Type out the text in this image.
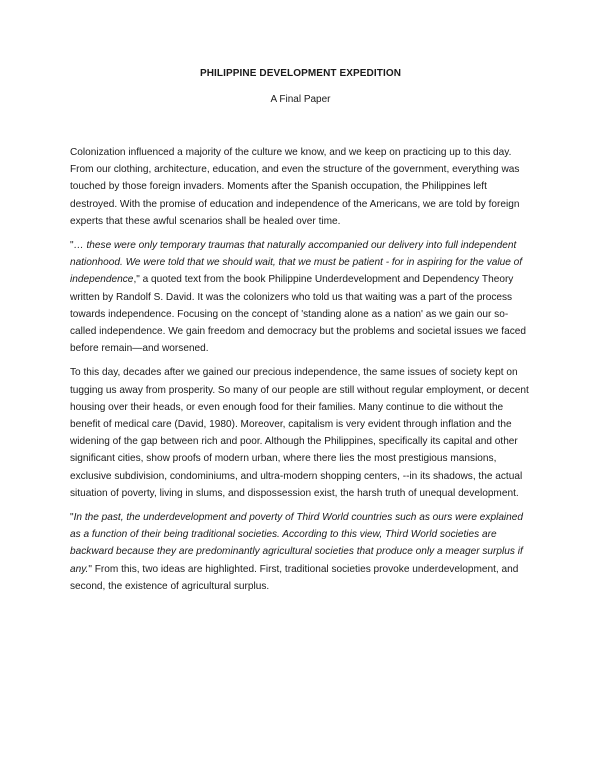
PHILIPPINE DEVELOPMENT EXPEDITION
A Final Paper

Colonization influenced a majority of the culture we know, and we keep on practicing up to this day. From our clothing, architecture, education, and even the structure of the government, everything was touched by those foreign invaders. Moments after the Spanish occupation, the Philippines left destroyed. With the promise of education and independence of the Americans, we are told by foreign experts that these awful scenarios shall be healed over time.

"… these were only temporary traumas that naturally accompanied our delivery into full independent nationhood. We were told that we should wait, that we must be patient - for in aspiring for the value of independence," a quoted text from the book Philippine Underdevelopment and Dependency Theory written by Randolf S. David. It was the colonizers who told us that waiting was a part of the process towards independence. Focusing on the concept of 'standing alone as a nation' as we gain our so-called independence. We gain freedom and democracy but the problems and societal issues we faced before remain—and worsened.

To this day, decades after we gained our precious independence, the same issues of society kept on tugging us away from prosperity. So many of our people are still without regular employment, or decent housing over their heads, or even enough food for their families. Many continue to die without the benefit of medical care (David, 1980). Moreover, capitalism is very evident through inflation and the widening of the gap between rich and poor. Although the Philippines, specifically its capital and other significant cities, show proofs of modern urban, where there lies the most prestigious mansions, exclusive subdivision, condominiums, and ultra-modern shopping centers, --in its shadows, the actual situation of poverty, living in slums, and dispossession exist, the harsh truth of unequal development.

"In the past, the underdevelopment and poverty of Third World countries such as ours were explained as a function of their being traditional societies. According to this view, Third World societies are backward because they are predominantly agricultural societies that produce only a meager surplus if any." From this, two ideas are highlighted. First, traditional societies provoke underdevelopment, and second, the existence of agricultural surplus.
